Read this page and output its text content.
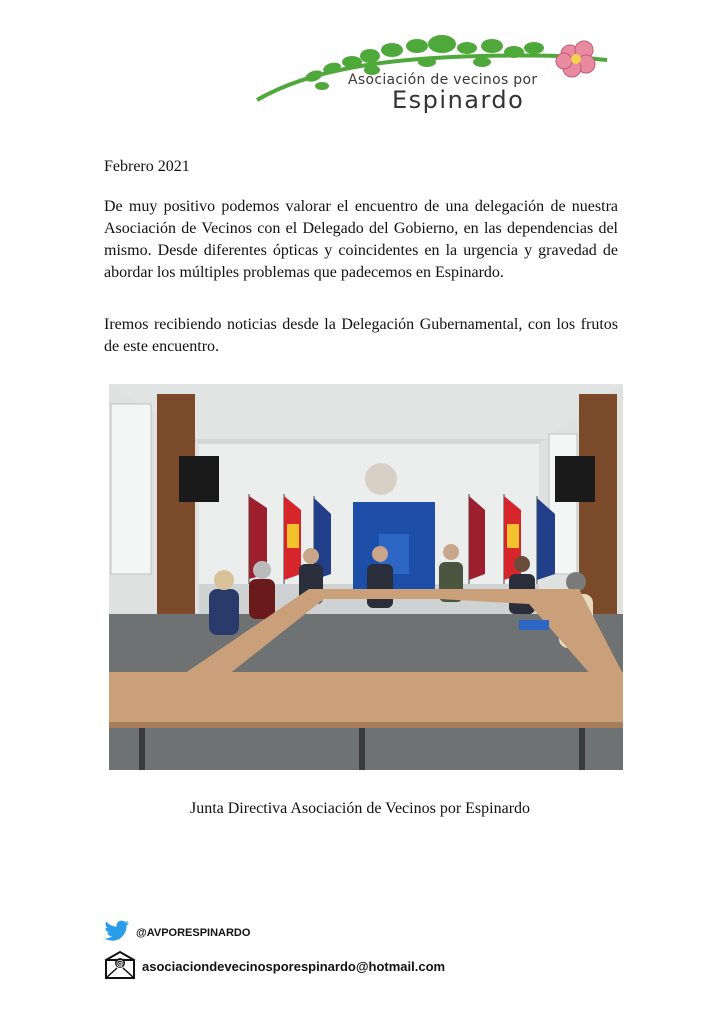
Asociación de vecinos por
Espinardo
Febrero 2021

De muy positivo podemos valorar el encuentro de una delegación de nuestra Asociación de Vecinos con el Delegado del Gobierno, en las dependencias del mismo. Desde diferentes ópticas y coincidentes en la urgencia y gravedad de abordar los múltiples problemas que padecemos en Espinardo.

Iremos recibiendo noticias desde la Delegación Gubernamental, con los frutos de este encuentro.

Junta Directiva Asociación de Vecinos por Espinardo
@AVPORESPINARDO
@ asociaciondevecinosporespinardo@hotmail.com
